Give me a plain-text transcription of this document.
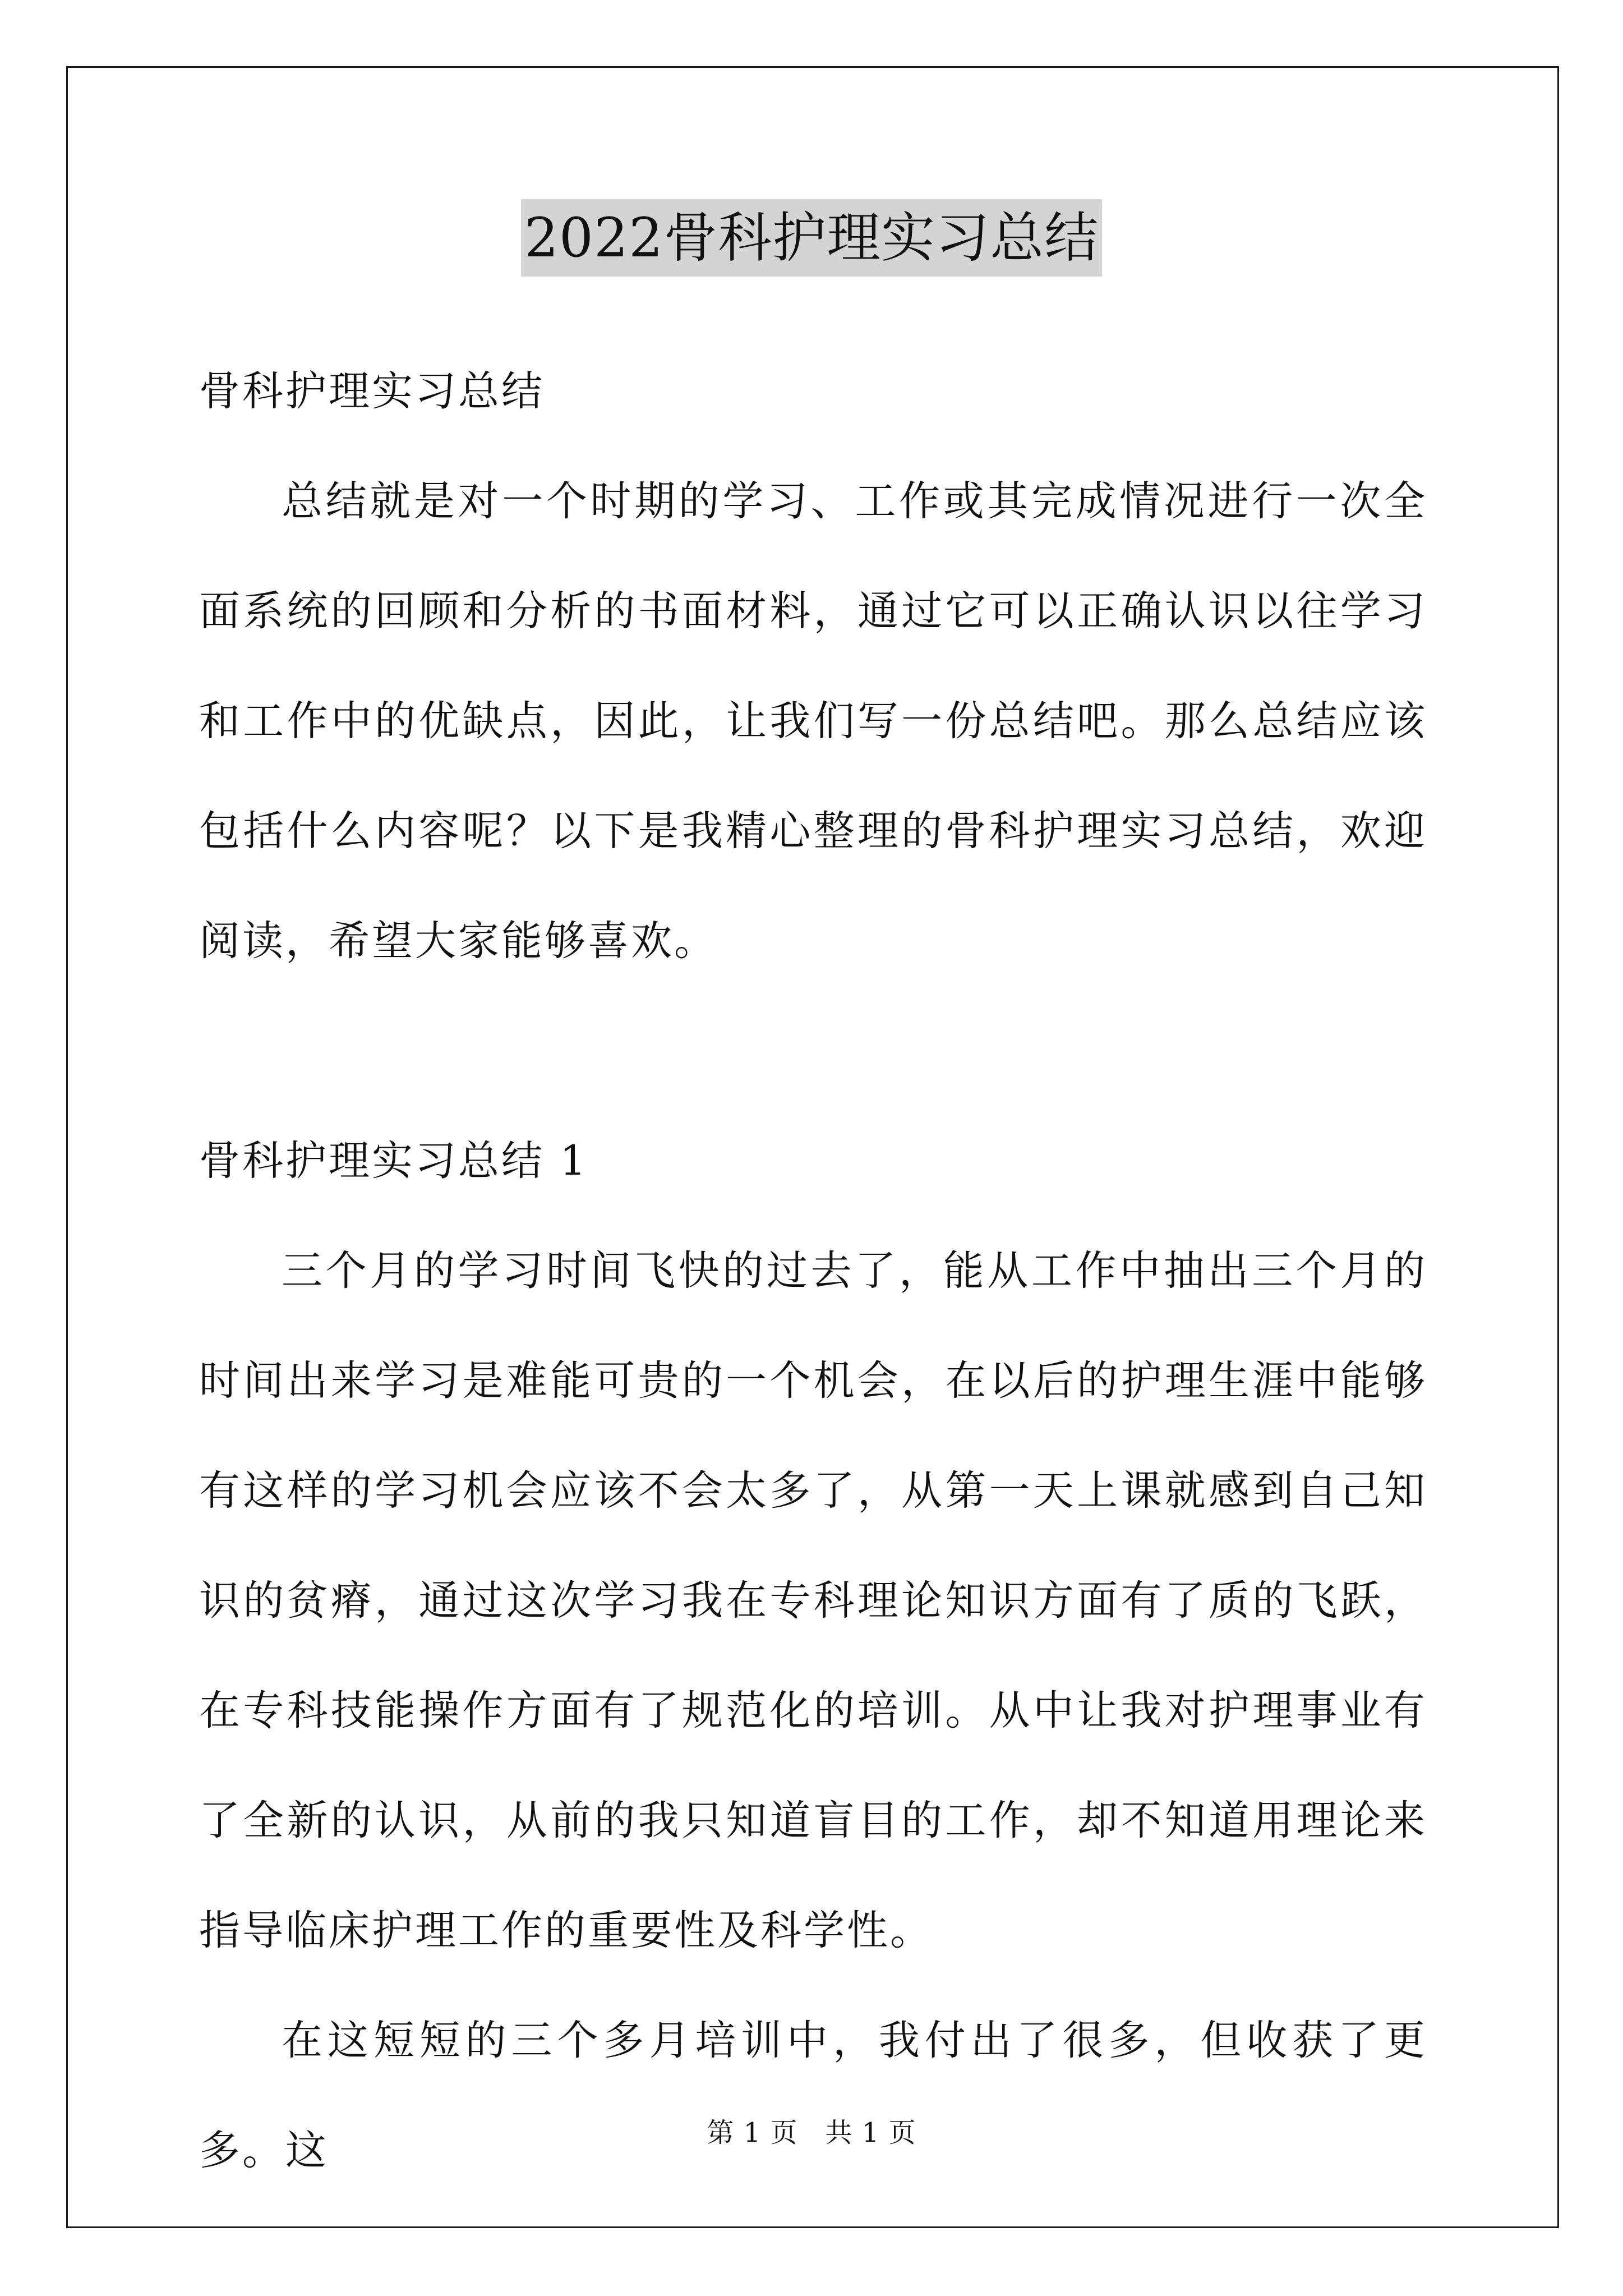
2022骨科护理实习总结

骨科护理实习总结

总结就是对一个时期的学习、工作或其完成情况进行一次全面系统的回顾和分析的书面材料，通过它可以正确认识以往学习和工作中的优缺点，因此，让我们写一份总结吧。那么总结应该包括什么内容呢？以下是我精心整理的骨科护理实习总结，欢迎阅读，希望大家能够喜欢。

骨科护理实习总结 1

三个月的学习时间飞快的过去了，能从工作中抽出三个月的时间出来学习是难能可贵的一个机会，在以后的护理生涯中能够有这样的学习机会应该不会太多了，从第一天上课就感到自己知识的贫瘠，通过这次学习我在专科理论知识方面有了质的飞跃，在专科技能操作方面有了规范化的培训。从中让我对护理事业有了全新的认识，从前的我只知道盲目的工作，却不知道用理论来指导临床护理工作的重要性及科学性。

在这短短的三个多月培训中，我付出了很多，但收获了更多。这	第 1 页　共 1 页
